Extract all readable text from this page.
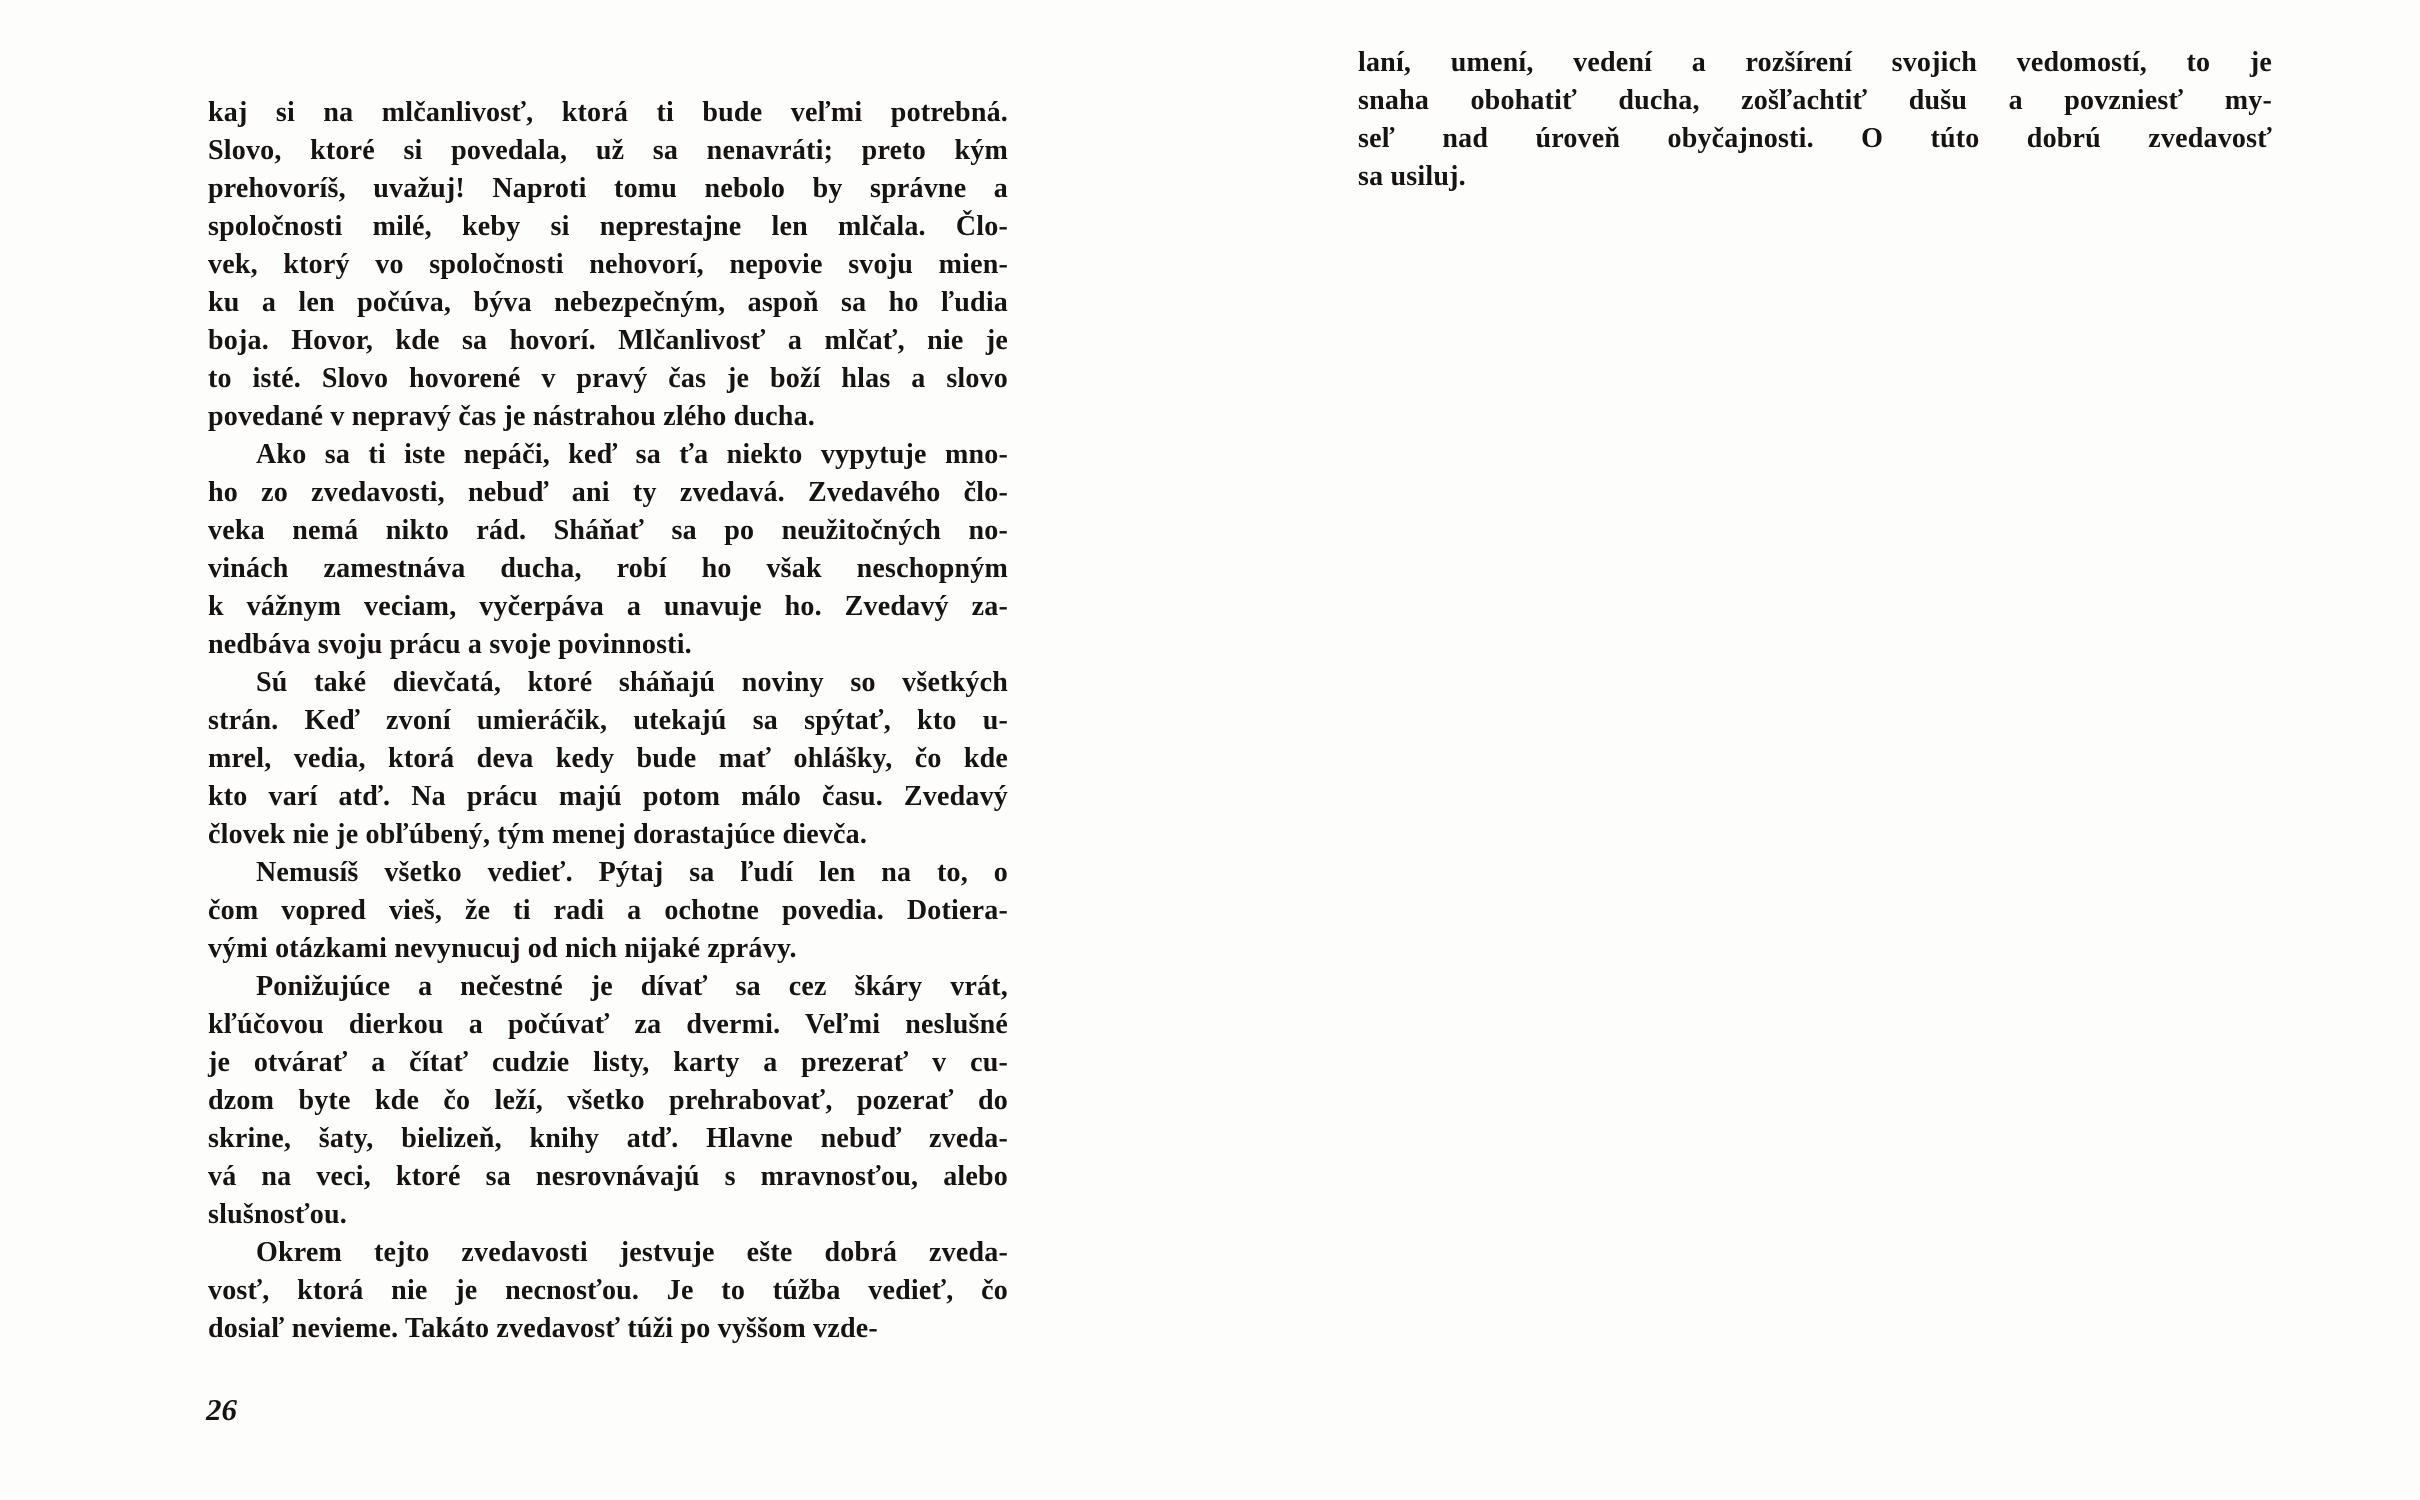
kaj si na mlčanlivosť, ktorá ti bude veľmi potrebná.
Slovo, ktoré si povedala, už sa nenavráti; preto kým
prehovoríš, uvažuj! Naproti tomu nebolo by správne a
spoločnosti milé, keby si neprestajne len mlčala. Člo-
vek, ktorý vo spoločnosti nehovorí, nepovie svoju mien-
ku a len počúva, býva nebezpečným, aspoň sa ho ľudia
boja. Hovor, kde sa hovorí. Mlčanlivosť a mlčať, nie je
to isté. Slovo hovorené v pravý čas je boží hlas a slovo
povedané v nepravý čas je nástrahou zlého ducha.
Ako sa ti iste nepáči, keď sa ťa niekto vypytuje mno-
ho zo zvedavosti, nebuď ani ty zvedavá. Zvedavého člo-
veka nemá nikto rád. Sháňať sa po neužitočných no-
vinách zamestnáva ducha, robí ho však neschopným
k vážnym veciam, vyčerpáva a unavuje ho. Zvedavý za-
nedbáva svoju prácu a svoje povinnosti.
Sú také dievčatá, ktoré sháňajú noviny so všetkých
strán. Keď zvoní umieráčik, utekajú sa spýtať, kto u-
mrel, vedia, ktorá deva kedy bude mať ohlášky, čo kde
kto varí atď. Na prácu majú potom málo času. Zvedavý
človek nie je obľúbený, tým menej dorastajúce dievča.
Nemusíš všetko vedieť. Pýtaj sa ľudí len na to, o
čom vopred vieš, že ti radi a ochotne povedia. Dotiera-
vými otázkami nevynucuj od nich nijaké zprávy.
Ponižujúce a nečestné je dívať sa cez škáry vrát,
kľúčovou dierkou a počúvať za dvermi. Veľmi neslušné
je otvárať a čítať cudzie listy, karty a prezerať v cu-
dzom byte kde čo leží, všetko prehrabovať, pozerať do
skrine, šaty, bielizeň, knihy atď. Hlavne nebuď zveda-
vá na veci, ktoré sa nesrovnávajú s mravnosťou, alebo
slušnosťou.
Okrem tejto zvedavosti jestvuje ešte dobrá zveda-
vosť, ktorá nie je necnosťou. Je to túžba vedieť, čo
dosiaľ nevieme. Takáto zvedavosť túži po vyššom vzde-
laní, umení, vedení a rozšírení svojich vedomostí, to je
snaha obohatiť ducha, zošľachtiť dušu a povzniesť my-
seľ nad úroveň obyčajnosti. O túto dobrú zvedavosť
sa usiluj.
26
